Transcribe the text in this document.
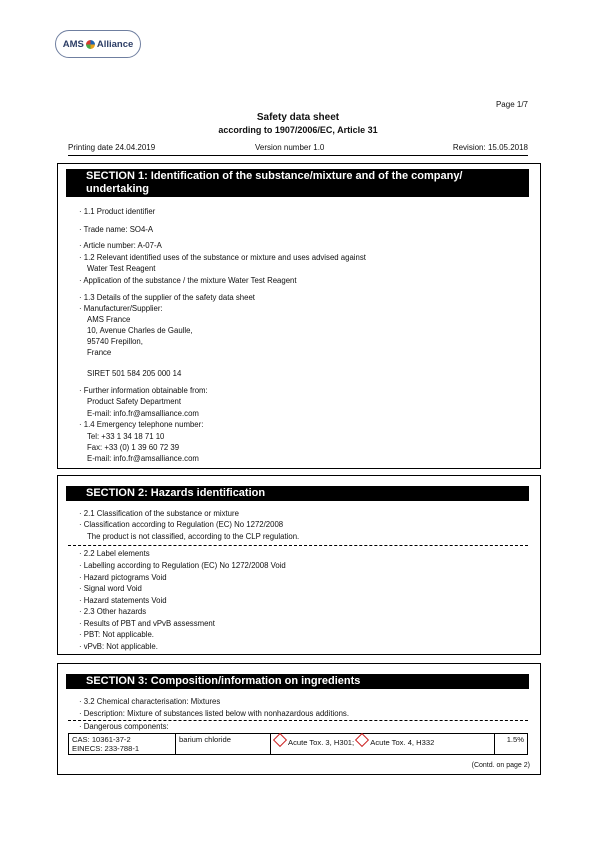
AMS Alliance
Page 1/7
Safety data sheet
according to 1907/2006/EC, Article 31
Printing date 24.04.2019	Version number 1.0	Revision: 15.05.2018
SECTION 1: Identification of the substance/mixture and of the company/
undertaking
· 1.1 Product identifier
· Trade name: SO4-A
· Article number: A-07-A
· 1.2 Relevant identified uses of the substance or mixture and uses advised against
Water Test Reagent
· Application of the substance / the mixture Water Test Reagent
· 1.3 Details of the supplier of the safety data sheet
· Manufacturer/Supplier:
AMS France
10, Avenue Charles de Gaulle,
95740 Frepillon,
France
SIRET 501 584 205 000 14
· Further information obtainable from:
Product Safety Department
E-mail: info.fr@amsalliance.com
· 1.4 Emergency telephone number:
Tel: +33 1 34 18 71 10
Fax: +33 (0) 1 39 60 72 39
E-mail: info.fr@amsalliance.com
SECTION 2: Hazards identification
· 2.1 Classification of the substance or mixture
· Classification according to Regulation (EC) No 1272/2008
The product is not classified, according to the CLP regulation.
· 2.2 Label elements
· Labelling according to Regulation (EC) No 1272/2008 Void
· Hazard pictograms Void
· Signal word Void
· Hazard statements Void
· 2.3 Other hazards
· Results of PBT and vPvB assessment
· PBT: Not applicable.
· vPvB: Not applicable.
SECTION 3: Composition/information on ingredients
· 3.2 Chemical characterisation: Mixtures
· Description: Mixture of substances listed below with nonhazardous additions.
· Dangerous components:
CAS: 10361-37-2
EINECS: 233-788-1
	barium chloride	Acute Tox. 3, H301; Acute Tox. 4, H332	1.5%
(Contd. on page 2)
